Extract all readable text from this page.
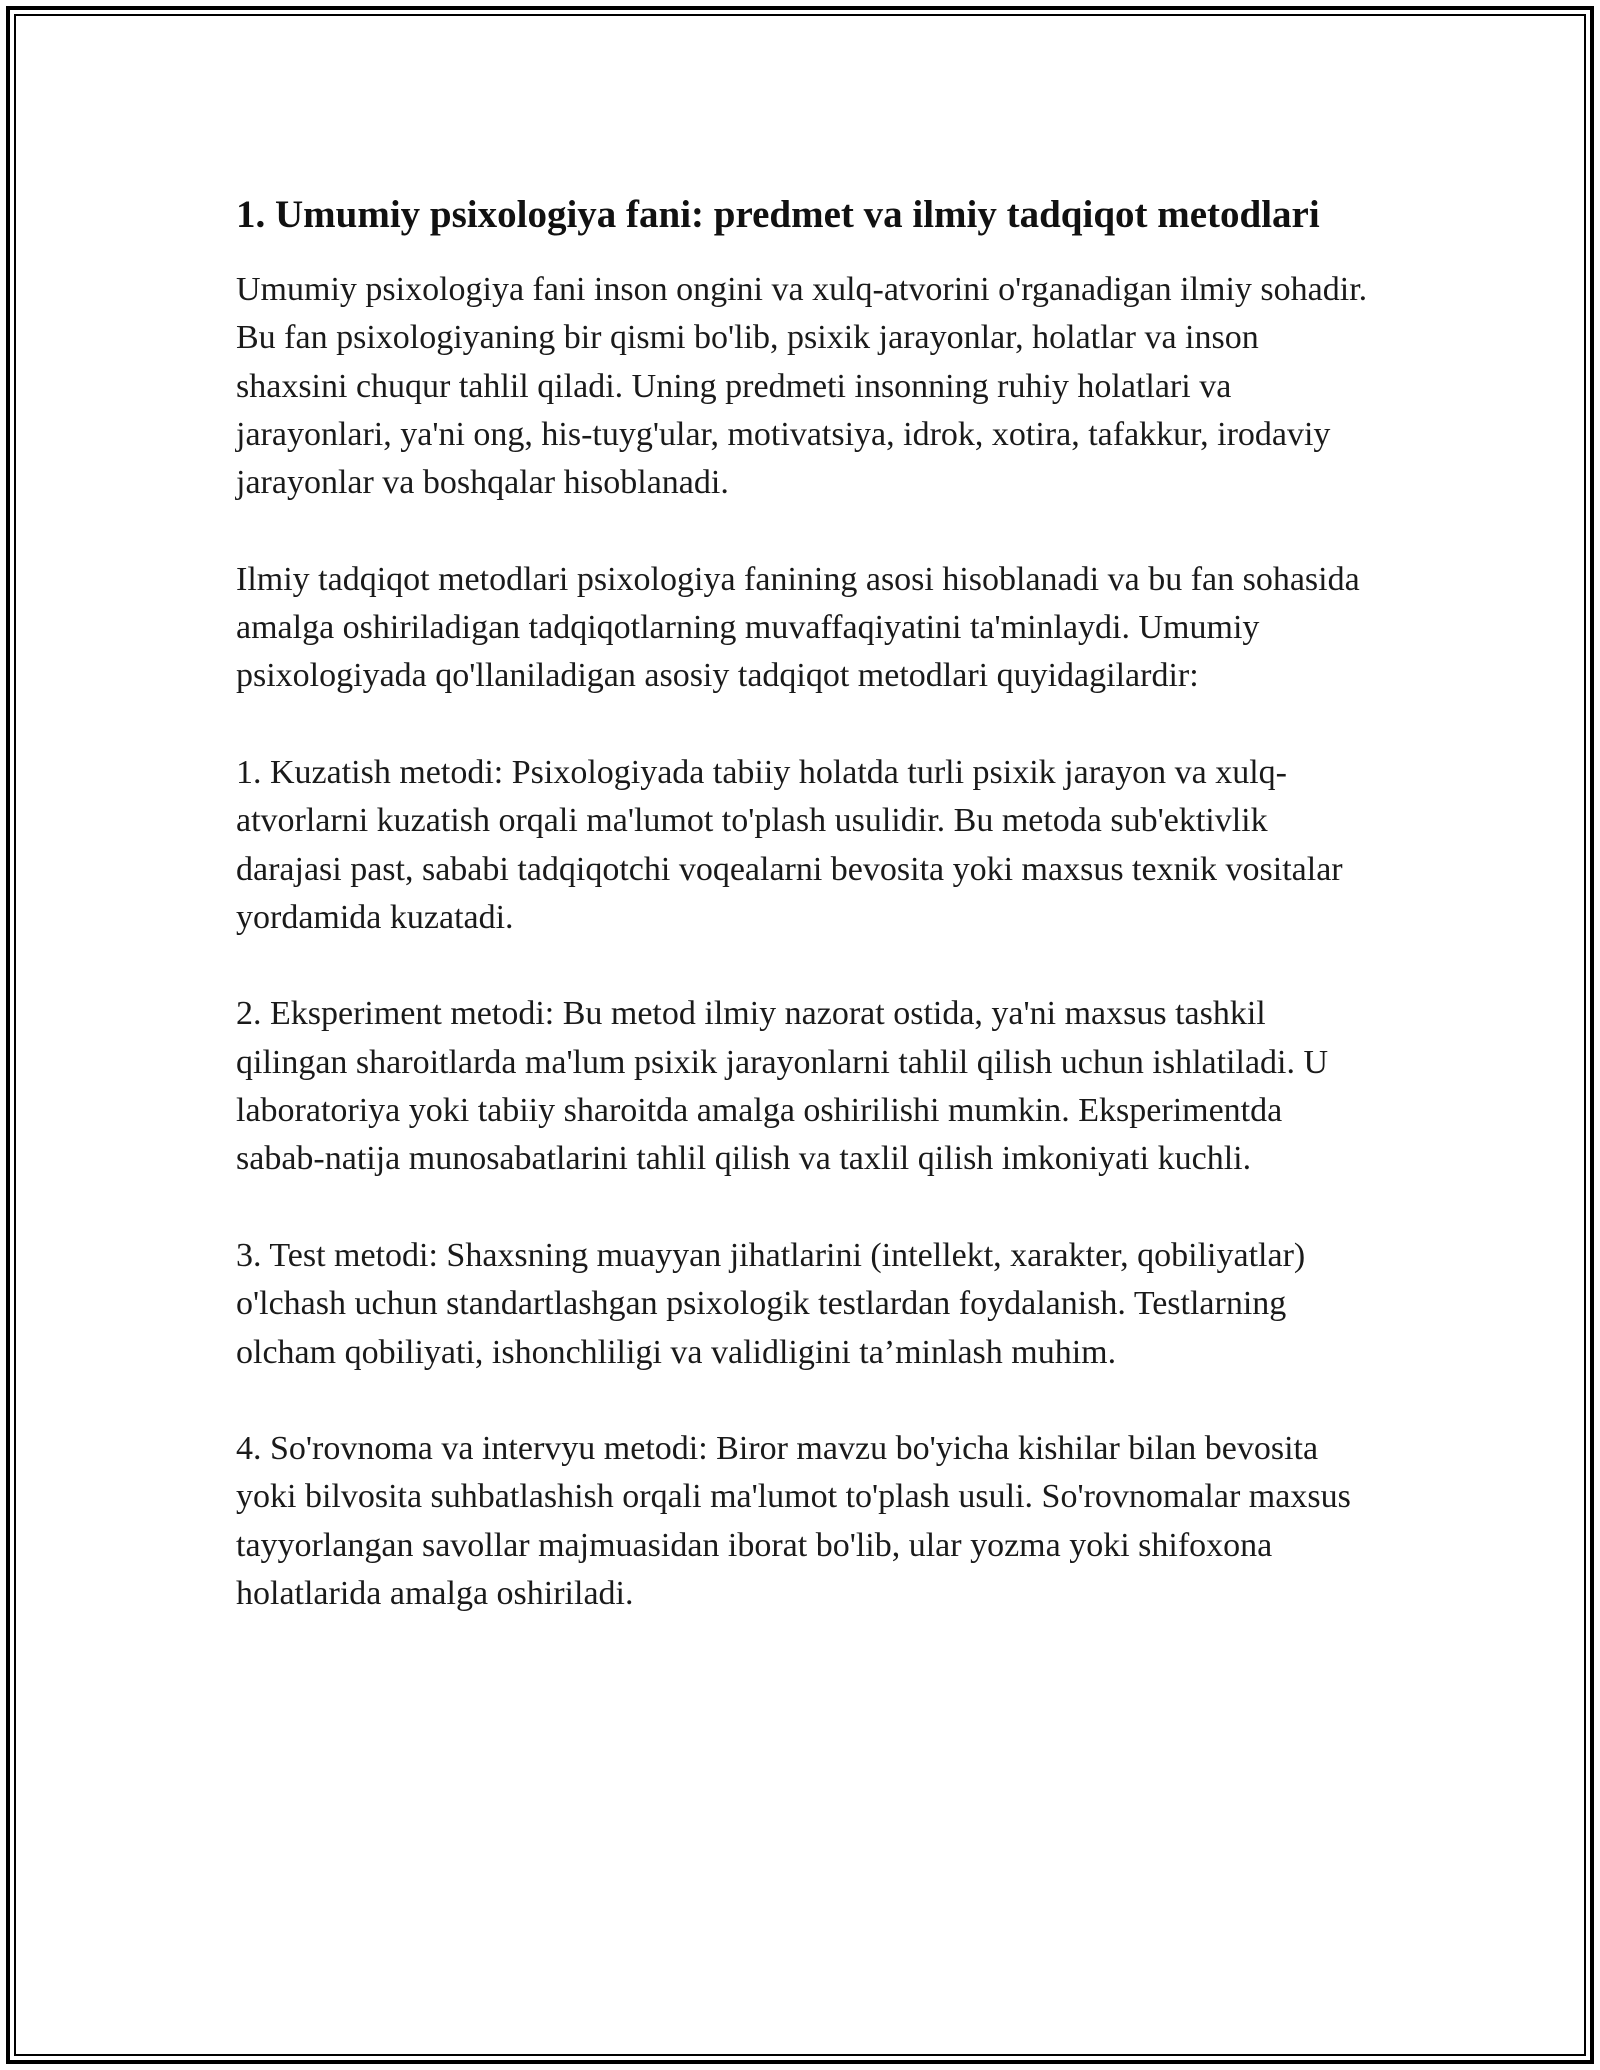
1. Umumiy psixologiya fani: predmet va ilmiy tadqiqot metodlari

Umumiy psixologiya fani inson ongini va xulq-atvorini o'rganadigan ilmiy sohadir. Bu fan psixologiyaning bir qismi bo'lib, psixik jarayonlar, holatlar va inson shaxsini chuqur tahlil qiladi. Uning predmeti insonning ruhiy holatlari va jarayonlari, ya'ni ong, his-tuyg'ular, motivatsiya, idrok, xotira, tafakkur, irodaviy jarayonlar va boshqalar hisoblanadi.

Ilmiy tadqiqot metodlari psixologiya fanining asosi hisoblanadi va bu fan sohasida amalga oshiriladigan tadqiqotlarning muvaffaqiyatini ta'minlaydi. Umumiy psixologiyada qo'llaniladigan asosiy tadqiqot metodlari quyidagilardir:

1. Kuzatish metodi: Psixologiyada tabiiy holatda turli psixik jarayon va xulq-atvorlarni kuzatish orqali ma'lumot to'plash usulidir. Bu metoda sub'ektivlik darajasi past, sababi tadqiqotchi voqealarni bevosita yoki maxsus texnik vositalar yordamida kuzatadi.

2. Eksperiment metodi: Bu metod ilmiy nazorat ostida, ya'ni maxsus tashkil qilingan sharoitlarda ma'lum psixik jarayonlarni tahlil qilish uchun ishlatiladi. U laboratoriya yoki tabiiy sharoitda amalga oshirilishi mumkin. Eksperimentda sabab-natija munosabatlarini tahlil qilish va taxlil qilish imkoniyati kuchli.

3. Test metodi: Shaxsning muayyan jihatlarini (intellekt, xarakter, qobiliyatlar) o'lchash uchun standartlashgan psixologik testlardan foydalanish. Testlarning olcham qobiliyati, ishonchliligi va validligini ta’minlash muhim.

4. So'rovnoma va intervyu metodi: Biror mavzu bo'yicha kishilar bilan bevosita yoki bilvosita suhbatlashish orqali ma'lumot to'plash usuli. So'rovnomalar maxsus tayyorlangan savollar majmuasidan iborat bo'lib, ular yozma yoki shifoxona holatlarida amalga oshiriladi.
